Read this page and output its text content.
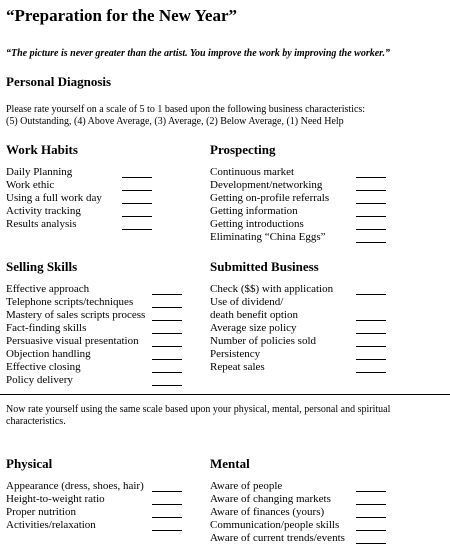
“Preparation for the New Year”
“The picture is never greater than the artist. You improve the work by improving the worker.”
Personal Diagnosis
Please rate yourself on a scale of 5 to 1 based upon the following business characteristics:
(5) Outstanding, (4) Above Average, (3) Average, (2) Below Average, (1) Need Help
Work Habits
Daily Planning
Work ethic
Using a full work day
Activity tracking
Results analysis
Prospecting
Continuous market
Development/networking
Getting on-profile referrals
Getting information
Getting introductions
Eliminating “China Eggs”
Selling Skills
Effective approach
Telephone scripts/techniques
Mastery of sales scripts process
Fact-finding skills
Persuasive visual presentation
Objection handling
Effective closing
Policy delivery
Submitted Business
Check ($$) with application
Use of dividend/
death benefit option
Average size policy
Number of policies sold
Persistency
Repeat sales
Now rate yourself using the same scale based upon your physical, mental, personal and spiritual
characteristics.
Physical
Appearance (dress, shoes, hair)
Height-to-weight ratio
Proper nutrition
Activities/relaxation
Mental
Aware of people
Aware of changing markets
Aware of finances (yours)
Communication/people skills
Aware of current trends/events
